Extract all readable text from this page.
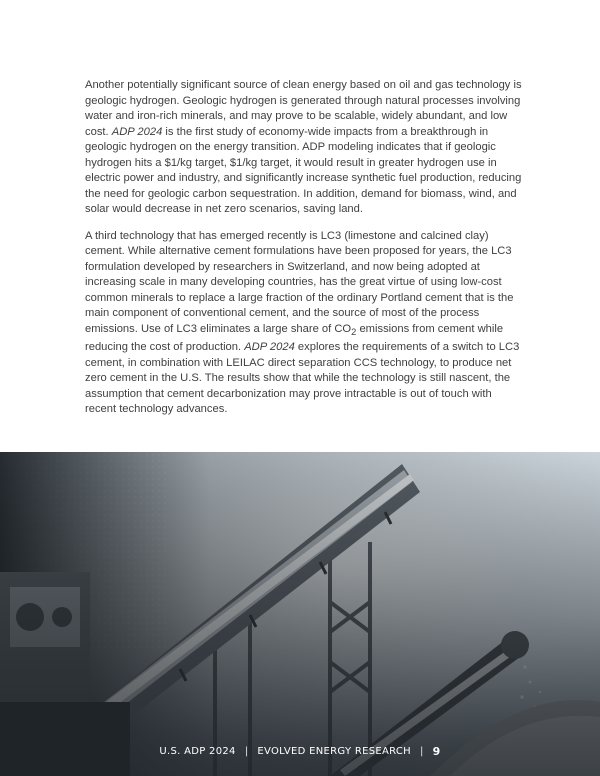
Another potentially significant source of clean energy based on oil and gas technology is geologic hydrogen. Geologic hydrogen is generated through natural processes involving water and iron-rich minerals, and may prove to be scalable, widely abundant, and low cost. ADP 2024 is the first study of economy-wide impacts from a breakthrough in geologic hydrogen on the energy transition. ADP modeling indicates that if geologic hydrogen hits a $1/kg target, $1/kg target, it would result in greater hydrogen use in electric power and industry, and significantly increase synthetic fuel production, reducing the need for geologic carbon sequestration. In addition, demand for biomass, wind, and solar would decrease in net zero scenarios, saving land.

A third technology that has emerged recently is LC3 (limestone and calcined clay) cement. While alternative cement formulations have been proposed for years, the LC3 formulation developed by researchers in Switzerland, and now being adopted at increasing scale in many developing countries, has the great virtue of using low-cost common minerals to replace a large fraction of the ordinary Portland cement that is the main component of conventional cement, and the source of most of the process emissions. Use of LC3 eliminates a large share of $CO_2$ emissions from cement while reducing the cost of production. ADP 2024 explores the requirements of a switch to LC3 cement, in combination with LEILAC direct separation CCS technology, to produce net zero cement in the U.S. The results show that while the technology is still nascent, the assumption that cement decarbonization may prove intractable is out of touch with recent technology advances.

U.S. ADP 2024 | EVOLVED ENERGY RESEARCH | 9
